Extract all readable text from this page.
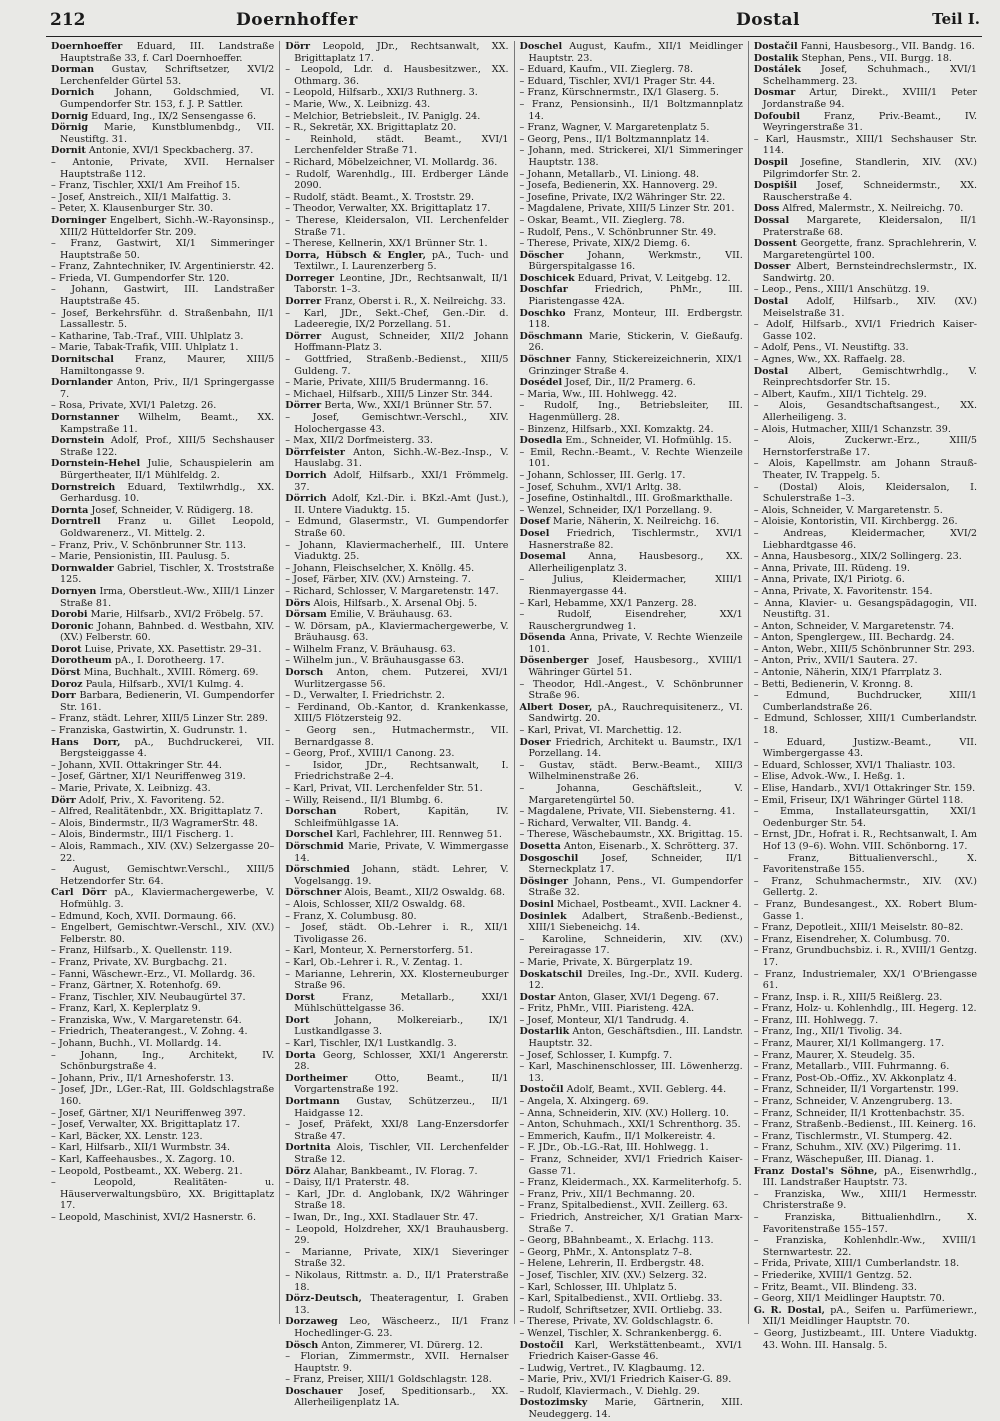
212	Doernhoffer	Dostal	Teil I.
Doernhoeffer Eduard, III. Landstraße Hauptstraße 33, f. Carl Doernhoeffer.
Dorman Gustav, Schriftsetzer, XVI/2 Lerchenfelder Gürtel 53.
Dornich Johann, Goldschmied, VI. Gumpendorfer Str. 153, f. J. P. Sattler.
Dornig Eduard, Ing., IX/2 Sensengasse 6.
Dörnig Marie, Kunstblumenbdg., VII. Neustiftg. 31.
Dornit Antonie, XVI/1 Speckbacherg. 37.
– Antonie, Private, XVII. Hernalser Hauptstraße 112.
– Franz, Tischler, XXI/1 Am Freihof 15.
– Josef, Anstreich., XII/1 Malfattig. 3.
– Peter, X. Klausenburger Str. 30.
Dorninger Engelbert, Sichh.-W.-Rayonsinsp., XIII/2 Hütteldorfer Str. 209.
– Franz, Gastwirt, XI/1 Simmeringer Hauptstraße 50.
– Franz, Zahntechniker, IV. Argentinierstr. 42.
– Frieda, VI. Gumpendorfer Str. 120.
– Johann, Gastwirt, III. Landstraßer Hauptstraße 45.
– Josef, Berkehrsführ. d. Straßenbahn, II/1 Lassallestr. 5.
– Katharine, Tab.-Traf., VIII. Uhlplatz 3.
– Marie, Tabak-Trafik, VIII. Uhlplatz 1.
Dornitschal Franz, Maurer, XIII/5 Hamiltongasse 9.
Dornlander Anton, Priv., II/1 Springergasse 7.
– Rosa, Private, XVI/1 Paletzg. 26.
Dornstanner Wilhelm, Beamt., XX. Kampstraße 11.
Dornstein Adolf, Prof., XIII/5 Sechshauser Straße 122.
Dornstein-Hehel Julie, Schauspielerin am Bürgertheater, II/1 Mühlfeldg. 2.
Dornstreich Eduard, Textilwrhdlg., XX. Gerhardusg. 10.
Dornta Josef, Schneider, V. Rüdigerg. 18.
Dorntrell Franz u. Gillet Leopold, Goldwarenerz., VI. Mittelg. 2.
– Franz, Priv., V. Schönbrunner Str. 113.
– Marie, Pensionistin, III. Paulusg. 5.
Dornwalder Gabriel, Tischler, X. Troststraße 125.
Dornyen Irma, Oberstleut.-Ww., XIII/1 Linzer Straße 81.
Dorobi Marie, Hilfsarb., XVI/2 Fröbelg. 57.
Doronic Johann, Bahnbed. d. Westbahn, XIV. (XV.) Felberstr. 60.
Dorot Luise, Private, XX. Pasettistr. 29–31.
Dorotheum pA., I. Dorotheerg. 17.
Dörst Mina, Buchhalt., XVIII. Römerg. 69.
Doroz Paula, Hilfsarb., XVI/1 Kulmg. 4.
Dorr Barbara, Bedienerin, VI. Gumpendorfer Str. 161.
– Franz, städt. Lehrer, XIII/5 Linzer Str. 289.
– Franziska, Gastwirtin, X. Gudrunstr. 1.
Hans Dorr, pA., Buchdruckerei, VII. Bergsteiggasse 4.
– Johann, XVII. Ottakringer Str. 44.
– Josef, Gärtner, XI/1 Neuriffenweg 319.
– Marie, Private, X. Leibnizg. 43.
Dörr Adolf, Priv., X. Favoriteng. 52.
– Alfred, Realitätenbdr., XX. Brigittaplatz 7.
– Alois, Bindermstr., II/3 WagramerStr. 48.
– Alois, Bindermstr., III/1 Fischerg. 1.
– Alois, Rammach., XIV. (XV.) Selzergasse 20–22.
– August, Gemischtwr.Verschl., XIII/5 Hetzendorfer Str. 64.
Carl Dörr pA., Klaviermachergewerbe, V. Hofmühlg. 3.
– Edmund, Koch, XVII. Dormaung. 66.
– Engelbert, Gemischtwr.-Verschl., XIV. (XV.) Felberstr. 80.
– Franz, Hilfsarb., X. Quellenstr. 119.
– Franz, Private, XV. Burgbachg. 21.
– Fanni, Wäschewr.-Erz., VI. Mollardg. 36.
– Franz, Gärtner, X. Rotenhofg. 69.
– Franz, Tischler, XIV. Neubaugürtel 37.
– Franz, Karl, X. Keplerplatz 9.
– Franziska, Ww., V. Margaretenstr. 64.
– Friedrich, Theaterangest., V. Zohng. 4.
– Johann, Buchh., VI. Mollardg. 14.
– Johann, Ing., Architekt, IV. Schönburgstraße 4.
– Johann, Priv., II/1 Arneshoferstr. 13.
– Josef, JDr., LGer.-Rat, III. Goldschlagstraße 160.
– Josef, Gärtner, XI/1 Neuriffenweg 397.
– Josef, Verwalter, XX. Brigittaplatz 17.
– Karl, Bäcker, XX. Lenstr. 123.
– Karl, Hilfsarb., XII/1 Wurmbstr. 34.
– Karl, Kaffeehausbes., X. Zagorg. 10.
– Leopold, Postbeamt., XX. Weberg. 21.
– Leopold, Realitäten- u. Häuserverwaltungsbüro, XX. Brigittaplatz 17.
– Leopold, Maschinist, XVI/2 Hasnerstr. 6.
Dörr Leopold, JDr., Rechtsanwalt, XX. Brigittaplatz 17.
– Leopold, Ldr. d. Hausbesitzwer., XX. Othmarg. 36.
– Leopold, Hilfsarb., XXI/3 Ruthnerg. 3.
– Marie, Ww., X. Leibnizg. 43.
– Melchior, Betriebsleit., IV. Paniglg. 24.
– R., Sekretär, XX. Brigittaplatz 20.
– Reinhold, städt. Beamt., XVI/1 Lerchenfelder Straße 71.
– Richard, Möbelzeichner, VI. Mollardg. 36.
– Rudolf, Warenhdlg., III. Erdberger Lände 2090.
– Rudolf, städt. Beamt., X. Troststr. 29.
– Theodor, Verwalter, XX. Brigittaplatz 17.
– Therese, Kleidersalon, VII. Lerchenfelder Straße 71.
– Therese, Kellnerin, XX/1 Brünner Str. 1.
Dorra, Hübsch & Engler, pA., Tuch- und Textilwr., I. Laurenzerberg 5.
Dorreger Leontine, JDr., Rechtsanwalt, II/1 Taborstr. 1–3.
Dorrer Franz, Oberst i. R., X. Neilreichg. 33.
– Karl, JDr., Sekt.-Chef, Gen.-Dir. d. Ladeeregie, IX/2 Porzellang. 51.
Dörrer August, Schneider, XII/2 Johann Hoffmann-Platz 3.
– Gottfried, Straßenb.-Bedienst., XIII/5 Guldeng. 7.
– Marie, Private, XIII/5 Brudermanng. 16.
– Michael, Hilfsarb., XIII/5 Linzer Str. 344.
Dörrer Berta, Ww., XXI/1 Brünner Str. 57.
– Josef, Gemischtwr.-Verschl., XIV. Holochergasse 43.
– Max, XII/2 Dorfmeisterg. 33.
Dörrfeister Anton, Sichh.-W.-Bez.-Insp., V. Hauslabg. 31.
Dorrich Adolf, Hilfsarb., XXI/1 Frömmelg. 37.
Dörrich Adolf, Kzl.-Dir. i. BKzl.-Amt (Just.), II. Untere Viaduktg. 15.
– Edmund, Glasermstr., VI. Gumpendorfer Straße 60.
– Johann, Klaviermacherhelf., III. Untere Viaduktg. 25.
– Johann, Fleischselcher, X. Knöllg. 45.
– Josef, Färber, XIV. (XV.) Arnsteing. 7.
– Richard, Schlosser, V. Margaretenstr. 147.
Dörs Alois, Hilfsarb., X. Arsenal Obj. 5.
Dörsam Emilie, V. Bräuhausg. 63.
– W. Dörsam, pA., Klaviermachergewerbe, V. Bräuhausg. 63.
– Wilhelm Franz, V. Bräuhausg. 63.
– Wilhelm jun., V. Bräuhausgasse 63.
Dorsch Anton, chem. Putzerei, XVI/1 Wurlitzergasse 56.
– D., Verwalter, I. Friedrichstr. 2.
– Ferdinand, Ob.-Kantor, d. Krankenkasse, XIII/5 Flötzersteig 92.
– Georg sen., Hutmachermstr., VII. Bernardgasse 8.
– Georg, Prof., XVIII/1 Canong. 23.
– Isidor, JDr., Rechtsanwalt, I. Friedrichstraße 2–4.
– Karl, Privat, VII. Lerchenfelder Str. 51.
– Willy, Reisend., II/1 Blumbg. 6.
Dorschan	Robert, Kapitän, IV. Schleifmühlgasse 1A.
Dorschel Karl, Fachlehrer, III. Rennweg 51.
Dörschmid Marie, Private, V. Wimmergasse 14.
Dörschmied Johann, städt. Lehrer, V. Vogelsangg. 19.
Dörschner Alois, Beamt., XII/2 Oswaldg. 68.
– Alois, Schlosser, XII/2 Oswaldg. 68.
– Franz, X. Columbusg. 80.
– Josef, städt. Ob.-Lehrer i. R., XII/1 Tivoligasse 26.
– Karl, Monteur, X. Pernerstorferg. 51.
– Karl, Ob.-Lehrer i. R., V. Zentag. 1.
– Marianne, Lehrerin, XX. Klosterneuburger Straße 96.
Dorst	Franz, Metallarb., XXI/1 Mühlschüttelgasse 36.
Dort	Johann, Molkereiarb., IX/1 Lustkandlgasse 3.
– Karl, Tischler, IX/1 Lustkandlg. 3.
Dorta Georg, Schlosser, XXI/1 Angererstr. 28.
Dortheimer	Otto, Beamt., II/1 Vorgartenstraße 192.
Dortmann Gustav, Schützerzeu., II/1 Haidgasse 12.
– Josef, Präfekt, XXI/8 Lang-Enzersdorfer Straße 47.
Dortnita Alois, Tischler, VII. Lerchenfelder Straße 12.
Dörz Alahar, Bankbeamt., IV. Florag. 7.
– Daisy, II/1 Praterstr. 48.
– Karl, JDr. d. Anglobank, IX/2 Währinger Straße 18.
– Iwan, Dr., Ing., XXI. Stadlauer Str. 47.
– Leopold, Holzdreher, XX/1 Brauhausberg. 29.
– Marianne, Private, XIX/1 Sieveringer Straße 32.
– Nikolaus, Rittmstr. a. D., II/1 Praterstraße 18.
Dörz-Deutsch, Theateragentur, I. Graben 13.
Dorzaweg Leo, Wäscheerz., II/1 Franz Hochedlinger-G. 23.
Dösch Anton, Zimmerer, VI. Dürerg. 12.
– Florian, Zimmermstr., XVII. Hernalser Hauptstr. 9.
– Franz, Preiser, XIII/1 Goldschlagstr. 128.
Doschauer Josef, Speditionsarb., XX. Allerheiligenplatz 1A.
Doschel August, Kaufm., XII/1 Meidlinger Hauptstr. 23.
– Eduard, Kaufm., VII. Zieglerg. 78.
– Eduard, Tischler, XVI/1 Prager Str. 44.
– Franz, Kürschnermstr., IX/1 Glaserg. 5.
– Franz, Pensionsinh., II/1 Boltzmannplatz 14.
– Franz, Wagner, V. Margaretenplatz 5.
– Georg, Pens., II/1 Boltzmannplatz 14.
– Johann, med. Strickerei, XI/1 Simmeringer Hauptstr. 138.
– Johann, Metallarb., VI. Liniong. 48.
– Josefa, Bedienerin, XX. Hannoverg. 29.
– Josefine, Private, IX/2 Währinger Str. 22.
– Magdalene, Private, XIII/5 Linzer Str. 201.
– Oskar, Beamt., VII. Zieglerg. 78.
– Rudolf, Pens., V. Schönbrunner Str. 49.
– Therese, Private, XIX/2 Diemg. 6.
Döscher	Johann, Werkmstr., VII. Bürgerspitalgasse 16.
Doschicek Eduard, Privat, V. Leitgebg. 12.
Doschfar	Friedrich, PhMr., III. Piaristengasse 42A.
Doschko Franz, Monteur, III. Erdbergstr. 118.
Döschmann Marie, Stickerin, V. Gießaufg. 26.
Döschner Fanny, Stickereizeichnerin, XIX/1 Grinzinger Straße 4.
Dosédel Josef, Dir., II/2 Pramerg. 6.
– Maria, Ww., III. Hohlwegg. 42.
– Rudolf, Ing., Betriebsleiter, III. Hagenmüllerg. 28.
– Binzenz, Hilfsarb., XXI. Komzaktg. 24.
Dosedla Em., Schneider, VI. Hofmühlg. 15.
– Emil, Rechn.-Beamt., V. Rechte Wienzeile 101.
– Johann, Schlosser, III. Gerlg. 17.
– Josef, Schuhm., XVI/1 Arltg. 38.
– Josefine, Ostinhaltdl., III. Großmarkthalle.
– Wenzel, Schneider, IX/1 Porzellang. 9.
Dosef Marie, Näherin, X. Neilreichg. 16.
Dosel Friedrich, Tischlermstr., XVI/1 Hasnerstraße 82.
Dosemal Anna, Hausbesorg., XX. Allerheiligenplatz 3.
– Julius, Kleidermacher, XIII/1 Rienmayergasse 44.
– Karl, Hebamme, XX/1 Panzerg. 28.
– Rudolf, Eisendreher, XX/1 Rauschergrundweg 1.
Dösenda Anna, Private, V. Rechte Wienzeile 101.
Dösenberger Josef, Hausbesorg., XVIII/1 Währinger Gürtel 51.
– Theodor, Hdl.-Angest., V. Schönbrunner Straße 96.
Albert Doser, pA., Rauchrequisitenerz., VI. Sandwirtg. 20.
– Karl, Privat, VI. Marchettig. 12.
Doser Friedrich, Architekt u. Baumstr., IX/1 Porzellang. 14.
– Gustav, städt. Berw.-Beamt., XIII/3 Wilhelminenstraße 26.
– Johanna, Geschäftsleit., V. Margaretengürtel 50.
– Magdalene, Private, VII. Siebensterng. 41.
– Richard, Verwalter, VII. Bandg. 4.
– Therese, Wäschebaumstr., XX. Brigittag. 15.
Dosetta Anton, Eisenarb., X. Schrötterg. 37.
Dosgoschil Josef, Schneider, II/1 Sterneckplatz 17.
Dösinger Johann, Pens., VI. Gumpendorfer Straße 32.
Dosinl Michael, Postbeamt., XVII. Lackner 4.
Dosinlek Adalbert, Straßenb.-Bedienst., XIII/1 Siebeneichg. 14.
– Karoline, Schneiderin, XIV. (XV.) Pereiragasse 17.
– Marie, Private, X. Bürgerplatz 19.
Doskatschil Dreiles, Ing.-Dr., XVII. Kuderg. 12.
Dostar Anton, Glaser, XVI/1 Degeng. 67.
– Fritz, PhMr., VIII. Piaristeng. 42A.
– Josef, Monteur, XI/1 Tandrudg. 4.
Dostarlik Anton, Geschäftsdien., III. Landstr. Hauptstr. 32.
– Josef, Schlosser, I. Kumpfg. 7.
– Karl, Maschinenschlosser, III. Löwenherzg. 13.
Dostočil Adolf, Beamt., XVII. Geblerg. 44.
– Angela, X. Alxingerg. 69.
– Anna, Schneiderin, XIV. (XV.) Hollerg. 10.
– Anton, Schuhmach., XXI/1 Schrenthorg. 35.
– Emmerich, Kaufm., II/1 Molkereistr. 4.
– F. JDr., Ob.-LG.-Rat, III. Hohlwegg. 1.
– Franz, Schneider, XVI/1 Friedrich Kaiser-Gasse 71.
– Franz, Kleidermach., XX. Karmeliterhofg. 5.
– Franz, Priv., XII/1 Bechmanng. 20.
– Franz, Spitalbedienst., XVII. Zeillerg. 63.
– Friedrich, Anstreicher, X/1 Gratian Marx-Straße 7.
– Georg, BBahnbeamt., X. Erlachg. 113.
– Georg, PhMr., X. Antonsplatz 7–8.
– Helene, Lehrerin, II. Erdbergstr. 48.
– Josef, Tischler, XIV. (XV.) Selzerg. 32.
– Karl, Schlosser, III. Uhlplatz 5.
– Karl, Spitalbedienst., XVII. Ortliebg. 33.
– Rudolf, Schriftsetzer, XVII. Ortliebg. 33.
– Therese, Private, XV. Goldschlagstr. 6.
– Wenzel, Tischler, X. Schrankenbergg. 6.
Dostočil Karl, Werkstättenbeamt., XVI/1 Friedrich Kaiser-Gasse 46.
– Ludwig, Vertret., IV. Klagbaumg. 12.
– Marie, Priv., XVI/1 Friedrich Kaiser-G. 89.
– Rudolf, Klaviermach., V. Diehlg. 29.
Dostozimsky Marie, Gärtnerin, XIII. Neudeggerg. 14.
Dostačil Fanni, Hausbesorg., VII. Bandg. 16.
Dostalik Stephan, Pens., VII. Burgg. 18.
Dostálek Josef, Schuhmach., XVI/1 Schelhammerg. 23.
Dosmar Artur, Direkt., XVIII/1 Peter Jordanstraße 94.
Dofoubil Franz, Priv.-Beamt., IV. Weyringerstraße 31.
– Karl, Hausmstr., XIII/1 Sechshauser Str. 114.
Dospil Josefine, Standlerin, XIV. (XV.) Pilgrimdorfer Str. 2.
Dospišil Josef, Schneidermstr., XX. Rauscherstraße 4.
Doss Alfred, Malermstr., X. Neilreichg. 70.
Dossal Margarete, Kleidersalon, II/1 Praterstraße 68.
Dossent Georgette, franz. Sprachlehrerin, V. Margaretengürtel 100.
Dosser Albert, Bernsteindrechslermstr., IX. Sandwirtg. 20.
– Leop., Pens., XIII/1 Anschützg. 19.
Dostal Adolf, Hilfsarb., XIV. (XV.) Meiselstraße 31.
– Adolf, Hilfsarb., XVI/1 Friedrich Kaiser-Gasse 102.
– Adolf, Pens., VI. Neustiftg. 33.
– Agnes, Ww., XX. Raffaelg. 28.
Dostal Albert, Gemischtwrhdlg., V. Reinprechtsdorfer Str. 15.
– Albert, Kaufm., XII/1 Tichtelg. 29.
– Alois, Gesandtschaftsangest., XX. Allerheiligeng. 3.
– Alois, Hutmacher, XIII/1 Schanzstr. 39.
– Alois, Zuckerwr.-Erz., XIII/5 Hernstorferstraße 17.
– Alois, Kapellmstr. am Johann Strauß-Theater, IV. Trappelg. 5.
– (Dostal) Alois, Kleidersalon, I. Schulerstraße 1–3.
– Alois, Schneider, V. Margaretenstr. 5.
– Aloisie, Kontoristin, VII. Kirchbergg. 26.
– Andreas, Kleidermacher, XVI/2 Liebhardtgasse 46.
– Anna, Hausbesorg., XIX/2 Sollingerg. 23.
– Anna, Private, III. Rüdeng. 19.
– Anna, Private, IX/1 Piriotg. 6.
– Anna, Private, X. Favoritenstr. 154.
– Anna, Klavier- u. Gesangspädagogin, VII. Neustiftg. 31.
– Anton, Schneider, V. Margaretenstr. 74.
– Anton, Spenglergew., III. Bechardg. 24.
– Anton, Webr., XIII/5 Schönbrunner Str. 293.
– Anton, Priv., XVII/1 Sautera. 27.
– Antonie, Näherin, XIX/1 Pfarrplatz 3.
– Betti, Bedienerin, V. Kronng. 8.
– Edmund, Buchdrucker, XIII/1 Cumberlandstraße 26.
– Edmund, Schlosser, XIII/1 Cumberlandstr. 18.
– Eduard, Justizw.-Beamt., VII. Wimbergergasse 43.
– Eduard, Schlosser, XVI/1 Thaliastr. 103.
– Elise, Advok.-Ww., I. Heßg. 1.
– Elise, Handarb., XVI/1 Ottakringer Str. 159.
– Emil, Friseur, IX/1 Währinger Gürtel 118.
– Emma, Installateursgattin, XXI/1 Oedenburger Str. 54.
– Ernst, JDr., Hofrat i. R., Rechtsanwalt, I. Am Hof 13 (9–6). Wohn. VIII. Schönborng. 17.
– Franz, Bittualienverschl., X. Favoritenstraße 155.
– Franz, Schuhmachermstr., XIV. (XV.) Gellertg. 2.
– Franz, Bundesangest., XX. Robert Blum-Gasse 1.
– Franz, Depotleit., XIII/1 Meiselstr. 80–82.
– Franz, Eisendreher, X. Columbusg. 70.
– Franz, Grundbuchsbiz. i. R., XVIII/1 Gentzg. 17.
– Franz, Industriemaler, XX/1 O'Briengasse 61.
– Franz, Insp. i. R., XIII/5 Reißlerg. 23.
– Franz, Holz- u. Kohlenhdlg., III. Hegerg. 12.
– Franz, III. Hohlwegg. 7.
– Franz, Ing., XII/1 Tivolig. 34.
– Franz, Maurer, XI/1 Kollmangerg. 17.
– Franz, Maurer, X. Steudelg. 35.
– Franz, Metallarb., VIII. Fuhrmanng. 6.
– Franz, Post-Ob.-Offiz., XV. Akkonplatz 4.
– Franz, Schneider, II/1 Vorgartenstr. 199.
– Franz, Schneider, V. Anzengruberg. 13.
– Franz, Schneider, II/1 Krottenbachstr. 35.
– Franz, Straßenb.-Bedienst., III. Keinerg. 16.
– Franz, Tischlermstr., VI. Stumperg. 42.
– Franz, Schuhm., XIV. (XV.) Pilgerimg. 11.
– Franz, Wäschepußer, III. Dianag. 1.
Franz Dostal's Söhne, pA., Eisenwrhdlg., III. Landstraßer Hauptstr. 73.
– Franziska, Ww., XIII/1 Hermesstr. Christerstraße 9.
– Franziska, Bittualienhdlrn., X. Favoritenstraße 155–157.
– Franziska, Kohlenhdlr.-Ww., XVIII/1 Sternwartestr. 22.
– Frida, Private, XIII/1 Cumberlandstr. 18.
– Friederike, XVIII/1 Gentzg. 52.
– Fritz, Beamt., VII. Blindeng. 33.
– Georg, XII/1 Meidlinger Hauptstr. 70.
G. R. Dostal, pA., Seifen u. Parfümeriewr., XII/1 Meidlinger Hauptstr. 70.
– Georg, Justizbeamt., III. Untere Viaduktg. 43. Wohn. III. Hansalg. 5.
